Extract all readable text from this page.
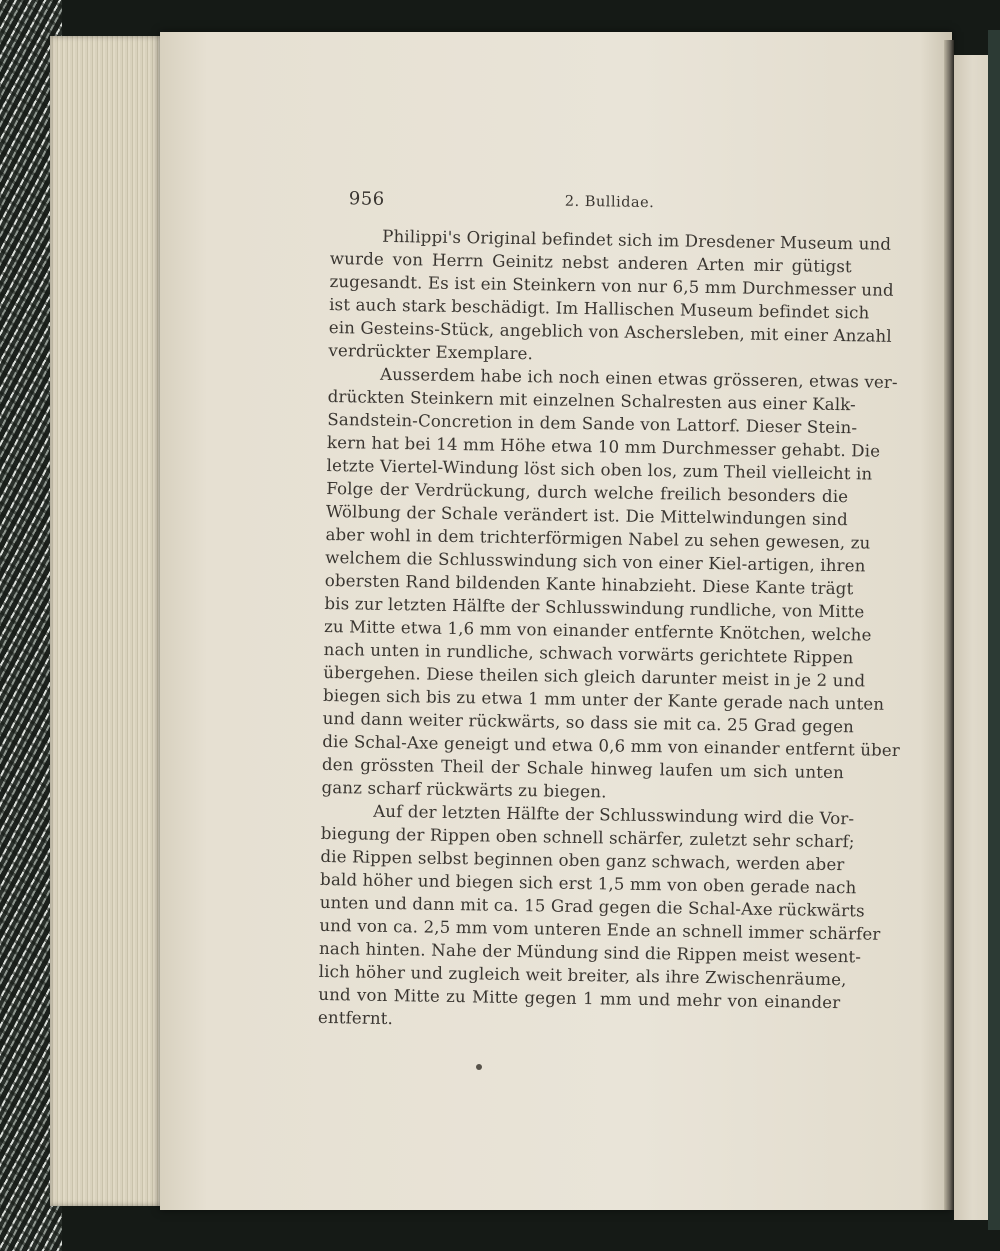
956	2. Bullidae.

Philippi's Original befindet sich im Dresdener Museum und
wurde von Herrn Geinitz nebst anderen Arten mir gütigst
zugesandt. Es ist ein Steinkern von nur 6,5 mm Durchmesser und
ist auch stark beschädigt. Im Hallischen Museum befindet sich
ein Gesteins-Stück, angeblich von Aschersleben, mit einer Anzahl
verdrückter Exemplare.

Ausserdem habe ich noch einen etwas grösseren, etwas ver-
drückten Steinkern mit einzelnen Schalresten aus einer Kalk-
Sandstein-Concretion in dem Sande von Lattorf. Dieser Stein-
kern hat bei 14 mm Höhe etwa 10 mm Durchmesser gehabt. Die
letzte Viertel-Windung löst sich oben los, zum Theil vielleicht in
Folge der Verdrückung, durch welche freilich besonders die
Wölbung der Schale verändert ist. Die Mittelwindungen sind
aber wohl in dem trichterförmigen Nabel zu sehen gewesen, zu
welchem die Schlusswindung sich von einer Kiel-artigen, ihren
obersten Rand bildenden Kante hinabzieht. Diese Kante trägt
bis zur letzten Hälfte der Schlusswindung rundliche, von Mitte
zu Mitte etwa 1,6 mm von einander entfernte Knötchen, welche
nach unten in rundliche, schwach vorwärts gerichtete Rippen
übergehen. Diese theilen sich gleich darunter meist in je 2 und
biegen sich bis zu etwa 1 mm unter der Kante gerade nach unten
und dann weiter rückwärts, so dass sie mit ca. 25 Grad gegen
die Schal-Axe geneigt und etwa 0,6 mm von einander entfernt über
den grössten Theil der Schale hinweg laufen um sich unten
ganz scharf rückwärts zu biegen.

Auf der letzten Hälfte der Schlusswindung wird die Vor-
biegung der Rippen oben schnell schärfer, zuletzt sehr scharf;
die Rippen selbst beginnen oben ganz schwach, werden aber
bald höher und biegen sich erst 1,5 mm von oben gerade nach
unten und dann mit ca. 15 Grad gegen die Schal-Axe rückwärts
und von ca. 2,5 mm vom unteren Ende an schnell immer schärfer
nach hinten. Nahe der Mündung sind die Rippen meist wesent-
lich höher und zugleich weit breiter, als ihre Zwischenräume,
und von Mitte zu Mitte gegen 1 mm und mehr von einander
entfernt.
